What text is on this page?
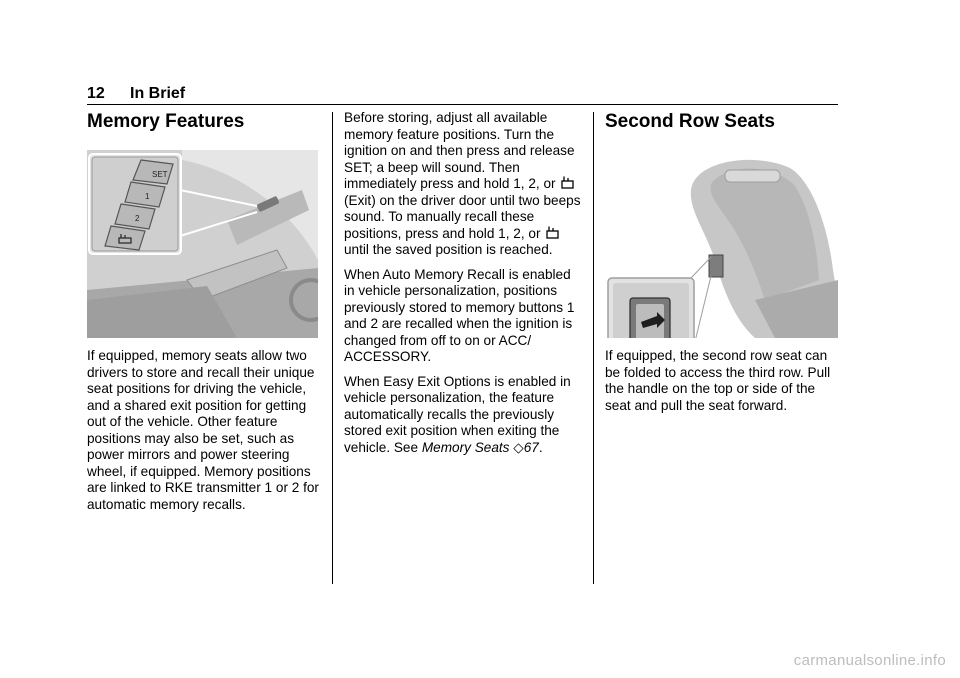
12 In Brief
Memory Features
SET
1
2

If equipped, memory seats allow two drivers to store and recall their unique seat positions for driving the vehicle, and a shared exit position for getting out of the vehicle. Other feature positions may also be set, such as power mirrors and power steering wheel, if equipped. Memory positions are linked to RKE transmitter 1 or 2 for automatic memory recalls.

Before storing, adjust all available memory feature positions. Turn the ignition on and then press and release SET; a beep will sound. Then immediately press and hold 1, 2, or  (Exit) on the driver door until two beeps sound. To manually recall these positions, press and hold 1, 2, or  until the saved position is reached.

When Auto Memory Recall is enabled in vehicle personalization, positions previously stored to memory buttons 1 and 2 are recalled when the ignition is changed from off to on or ACC/ ACCESSORY.

When Easy Exit Options is enabled in vehicle personalization, the feature automatically recalls the previously stored exit position when exiting the vehicle. See Memory Seats ◇67.

Second Row Seats

If equipped, the second row seat can be folded to access the third row. Pull the handle on the top or side of the seat and pull the seat forward.

carmanualsonline.info
